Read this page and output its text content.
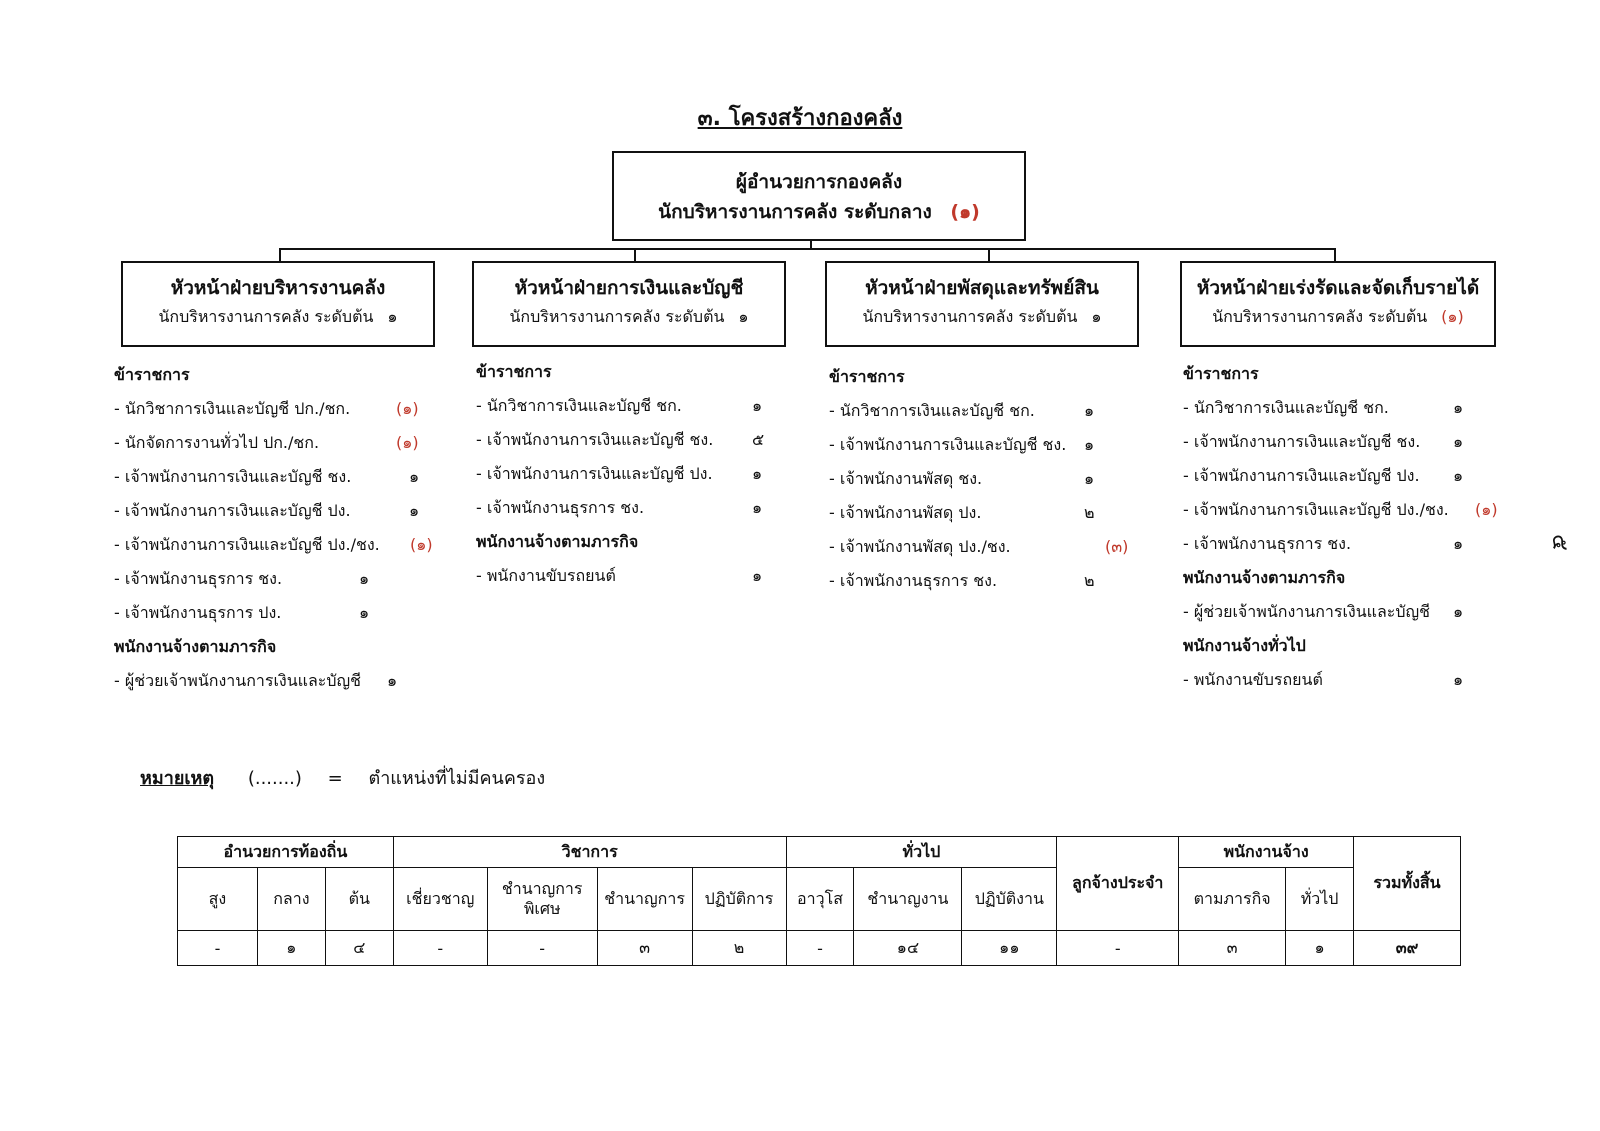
๓. โครงสร้างกองคลัง
ผู้อำนวยการกองคลัง
นักบริหารงานการคลัง ระดับกลาง (๑)
หัวหน้าฝ่ายบริหารงานคลัง
นักบริหารงานการคลัง ระดับต้น ๑
หัวหน้าฝ่ายการเงินและบัญชี
นักบริหารงานการคลัง ระดับต้น ๑
หัวหน้าฝ่ายพัสดุและทรัพย์สิน
นักบริหารงานการคลัง ระดับต้น ๑
หัวหน้าฝ่ายเร่งรัดและจัดเก็บรายได้
นักบริหารงานการคลัง ระดับต้น (๑)
ข้าราชการ
- นักวิชาการเงินและบัญชี ปก./ชก.	(๑)
- นักจัดการงานทั่วไป ปก./ชก.	(๑)
- เจ้าพนักงานการเงินและบัญชี ชง.	๑
- เจ้าพนักงานการเงินและบัญชี ปง.	๑
- เจ้าพนักงานการเงินและบัญชี ปง./ชง. (๑)
- เจ้าพนักงานธุรการ ชง.	๑
- เจ้าพนักงานธุรการ ปง.	๑
พนักงานจ้างตามภารกิจ
- ผู้ช่วยเจ้าพนักงานการเงินและบัญชี ๑
ข้าราชการ
- นักวิชาการเงินและบัญชี ชก.	๑
- เจ้าพนักงานการเงินและบัญชี ชง. ๕
- เจ้าพนักงานการเงินและบัญชี ปง. ๑
- เจ้าพนักงานธุรการ ชง.	๑
พนักงานจ้างตามภารกิจ
- พนักงานขับรถยนต์	๑
ข้าราชการ
- นักวิชาการเงินและบัญชี ชก.	๑
- เจ้าพนักงานการเงินและบัญชี ชง. ๑
- เจ้าพนักงานพัสดุ ชง.	๑
- เจ้าพนักงานพัสดุ ปง.	๒
- เจ้าพนักงานพัสดุ ปง./ชง.	(๓)
- เจ้าพนักงานธุรการ ชง.	๒
ข้าราชการ
- นักวิชาการเงินและบัญชี ชก.	๑
- เจ้าพนักงานการเงินและบัญชี ชง. ๑
- เจ้าพนักงานการเงินและบัญชี ปง. ๑
- เจ้าพนักงานการเงินและบัญชี ปง./ชง. (๑)
- เจ้าพนักงานธุรการ ชง.	๑
พนักงานจ้างตามภารกิจ
- ผู้ช่วยเจ้าพนักงานการเงินและบัญชี ๑
พนักงานจ้างทั่วไป
- พนักงานขับรถยนต์	๑
หมายเหตุ (.......) = ตำแหน่งที่ไม่มีคนครอง
อำนวยการท้องถิ่น			วิชาการ				ทั่วไป			ลูกจ้างประจำ	พนักงานจ้าง		รวมทั้งสิ้น
สูง	กลาง	ต้น	เชี่ยวชาญ	ชำนาญการพิเศษ	ชำนาญการ	ปฏิบัติการ	อาวุโส	ชำนาญงาน	ปฏิบัติงาน		ตามภารกิจ	ทั่วไป	
-	๑	๔	-	-	๓	๒	-	๑๔	๑๑	-	๓	๑	๓๙
๕
